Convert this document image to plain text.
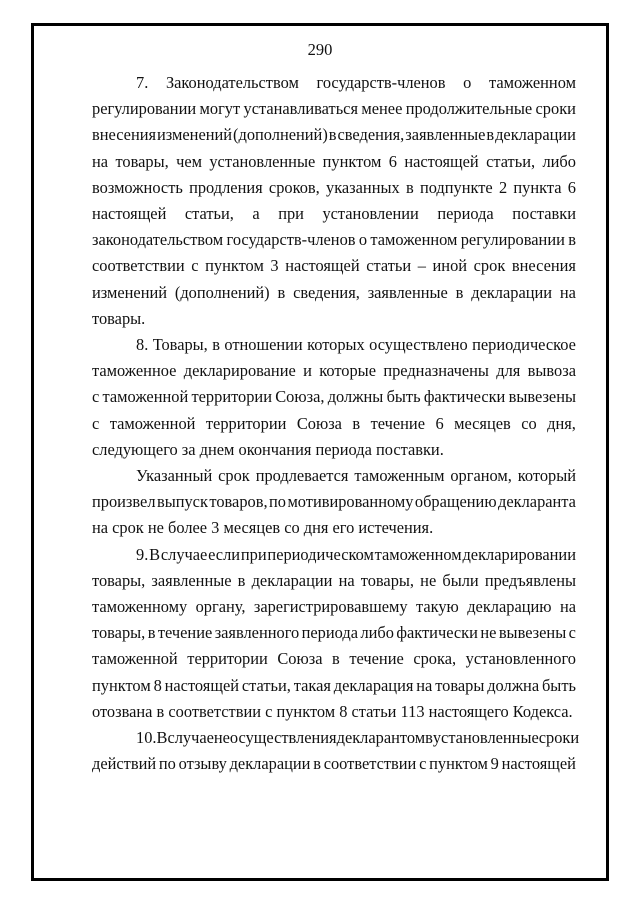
290

7. Законодательством государств-членов о таможенном
регулировании могут устанавливаться менее продолжительные сроки
внесения изменений (дополнений) в сведения, заявленные в декларации
на товары, чем установленные пунктом 6 настоящей статьи, либо
возможность продления сроков, указанных в подпункте 2 пункта 6
настоящей статьи, а при установлении периода поставки
законодательством государств-членов о таможенном регулировании в
соответствии с пунктом 3 настоящей статьи – иной срок внесения
изменений (дополнений) в сведения, заявленные в декларации на
товары.

8. Товары, в отношении которых осуществлено периодическое
таможенное декларирование и которые предназначены для вывоза
с таможенной территории Союза, должны быть фактически вывезены
с таможенной территории Союза в течение 6 месяцев со дня,
следующего за днем окончания периода поставки.

Указанный срок продлевается таможенным органом, который
произвел выпуск товаров, по мотивированному обращению декларанта
на срок не более 3 месяцев со дня его истечения.

9. В случае если при периодическом таможенном декларировании
товары, заявленные в декларации на товары, не были предъявлены
таможенному органу, зарегистрировавшему такую декларацию на
товары, в течение заявленного периода либо фактически не вывезены с
таможенной территории Союза в течение срока, установленного
пунктом 8 настоящей статьи, такая декларация на товары должна быть
отозвана в соответствии с пунктом 8 статьи 113 настоящего Кодекса.

10. В случае неосуществления декларантом в установленные сроки
действий по отзыву декларации в соответствии с пунктом 9 настоящей
